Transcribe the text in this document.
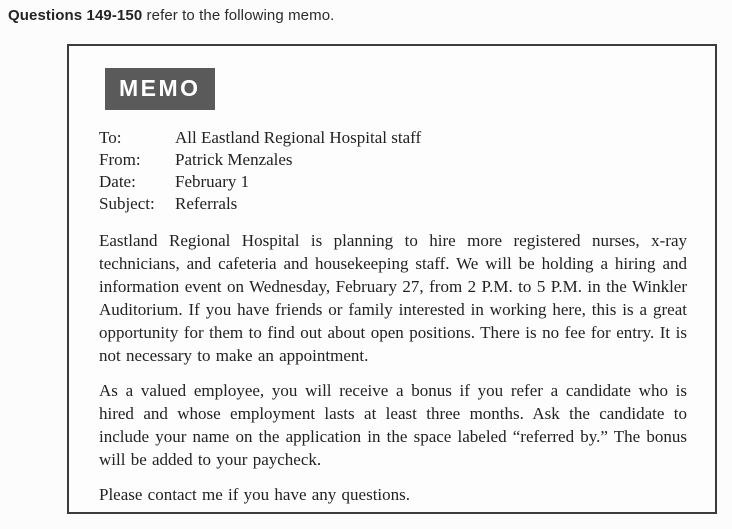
Questions 149-150 refer to the following memo.
MEMO
To:	All Eastland Regional Hospital staff
From:	Patrick Menzales
Date:	February 1
Subject:	Referrals

Eastland Regional Hospital is planning to hire more registered nurses, x-ray technicians, and cafeteria and housekeeping staff. We will be holding a hiring and information event on Wednesday, February 27, from 2 P.M. to 5 P.M. in the Winkler Auditorium. If you have friends or family interested in working here, this is a great opportunity for them to find out about open positions. There is no fee for entry. It is not necessary to make an appointment.

As a valued employee, you will receive a bonus if you refer a candidate who is hired and whose employment lasts at least three months. Ask the candidate to include your name on the application in the space labeled “referred by.” The bonus will be added to your paycheck.

Please contact me if you have any questions.
